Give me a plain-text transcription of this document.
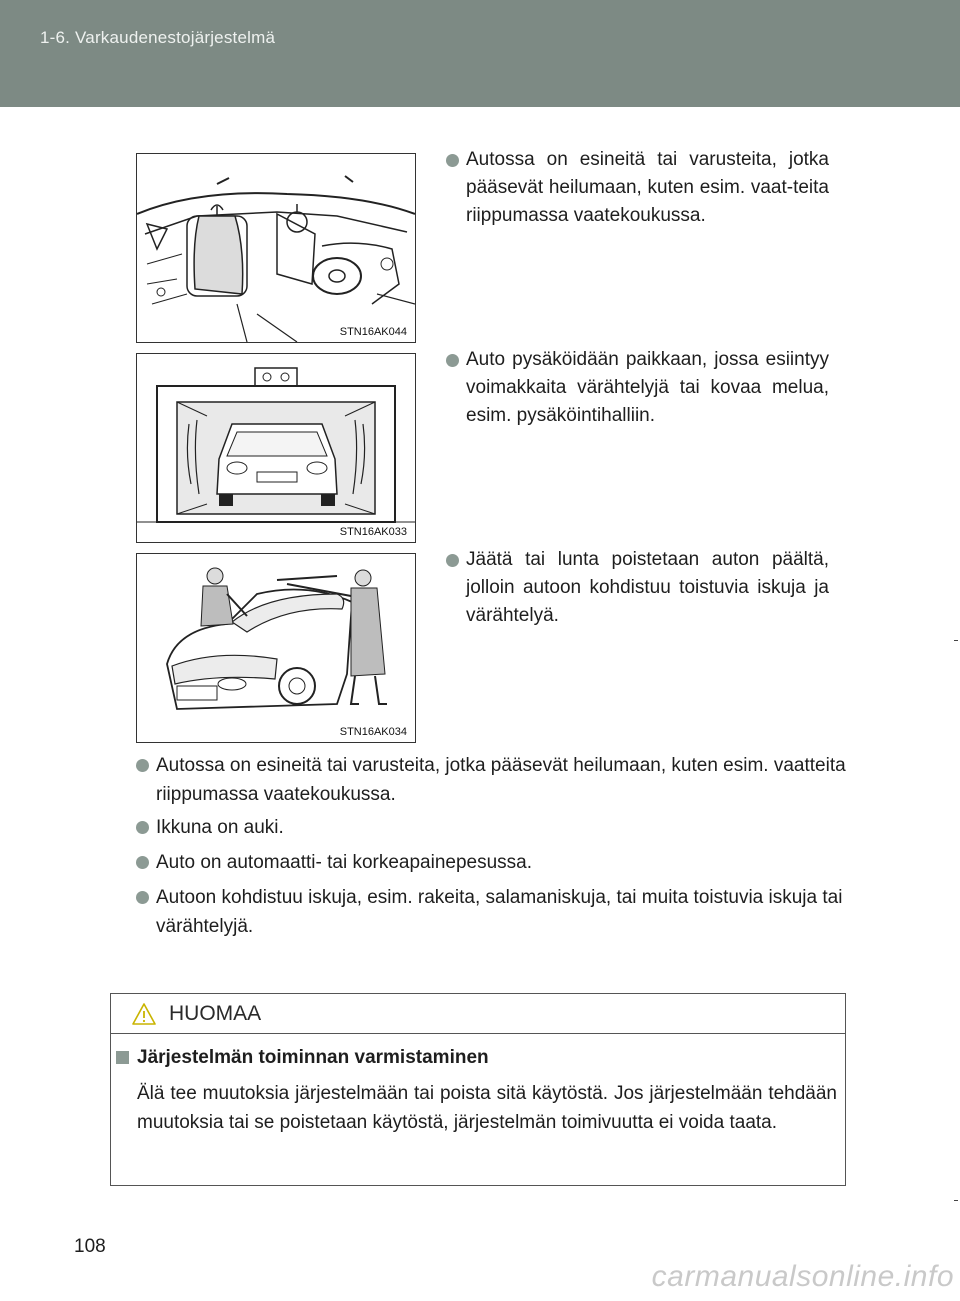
1-6. Varkaudenestojärjestelmä
STN16AK044
STN16AK033
STN16AK034
Autossa on esineitä tai varusteita, jotka pääsevät heilumaan, kuten esim. vaat-teita riippumassa vaatekoukussa.
Auto pysäköidään paikkaan, jossa esiintyy voimakkaita värähtelyjä tai kovaa melua, esim. pysäköintihalliin.
Jäätä tai lunta poistetaan auton päältä, jolloin autoon kohdistuu toistuvia iskuja ja värähtelyä.
Autossa on esineitä tai varusteita, jotka pääsevät heilumaan, kuten esim. vaatteita riippumassa vaatekoukussa.
Ikkuna on auki.
Auto on automaatti- tai korkeapainepesussa.
Autoon kohdistuu iskuja, esim. rakeita, salamaniskuja, tai muita toistuvia iskuja tai värähtelyjä.
HUOMAA
Järjestelmän toiminnan varmistaminen
Älä tee muutoksia järjestelmään tai poista sitä käytöstä. Jos järjestelmään tehdään muutoksia tai se poistetaan käytöstä, järjestelmän toimivuutta ei voida taata.
108
carmanualsonline.info
